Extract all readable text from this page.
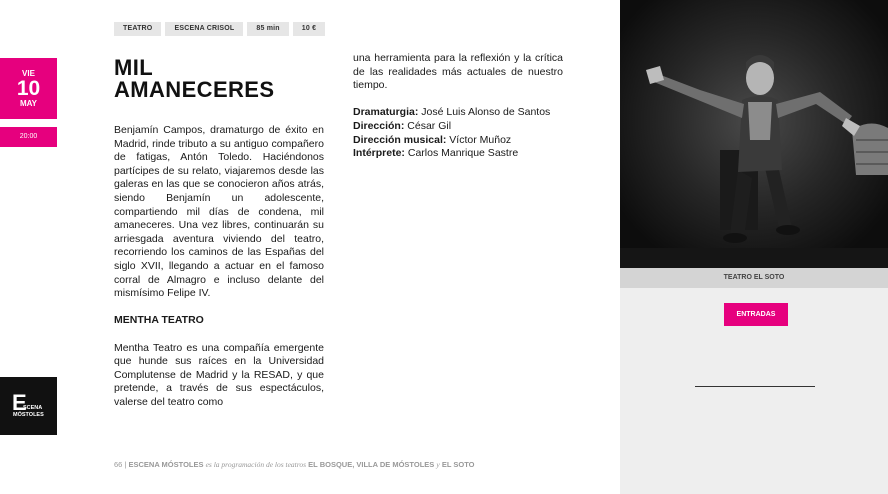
TEATRO	ESCENA CRISOL	85 min	10 €
VIE
10
MAY
20:00
E
SCENA
MÓSTOLES
MIL
AMANECERES

Benjamín Campos, dramaturgo de éxito en Madrid, rinde tributo a su antiguo compañero de fatigas, Antón Toledo. Haciéndonos partícipes de su relato, viajaremos desde las galeras en las que se conocieron años atrás, siendo Benjamín un adolescente, compartiendo mil días de condena, mil amaneceres. Una vez libres, continuarán su arriesgada aventura viviendo del teatro, recorriendo los caminos de las Españas del siglo XVII, llegando a actuar en el famoso corral de Almagro e incluso delante del mismísimo Felipe IV.

MENTHA TEATRO

Mentha Teatro es una compañía emergente que hunde sus raíces en la Universidad Complutense de Madrid y la RESAD, y que pretende, a través de sus espectáculos, valerse del teatro como

una herramienta para la reflexión y la crítica de las realidades más actuales de nuestro tiempo.

Dramaturgia: José Luis Alonso de Santos
Dirección: César Gil
Dirección musical: Víctor Muñoz
Intérprete: Carlos Manrique Sastre
66 | ESCENA MÓSTOLES es la programación de los teatros EL BOSQUE, VILLA DE MÓSTOLES y EL SOTO
TEATRO EL SOTO
ENTRADAS
